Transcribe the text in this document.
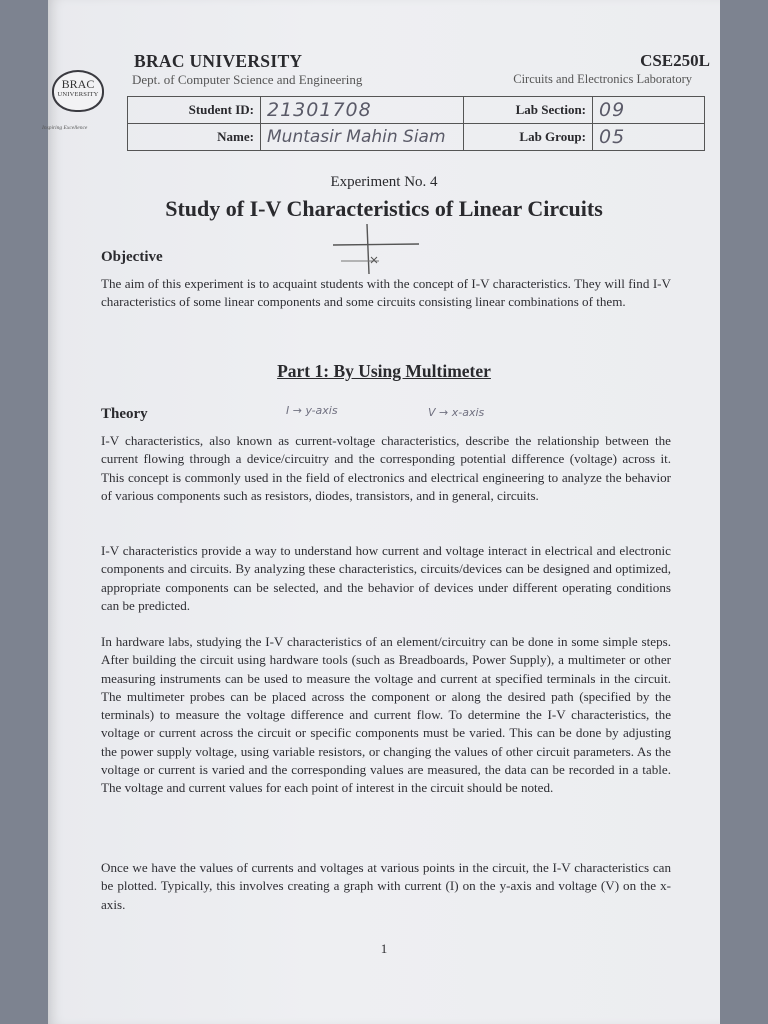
BRAC
UNIVERSITY
Inspiring Excellence
BRAC UNIVERSITY
Dept. of Computer Science and Engineering
CSE250L
Circuits and Electronics Laboratory
Student ID:	21301708	Lab Section:	09
Name:	Muntasir Mahin Siam	Lab Group:	05
Experiment No. 4
Study of I-V Characteristics of Linear Circuits
Objective
The aim of this experiment is to acquaint students with the concept of I-V characteristics. They will find I-V characteristics of some linear components and some circuits consisting linear combinations of them.
Part 1: By Using Multimeter
Theory	I → y-axis	V → x-axis
I-V characteristics, also known as current-voltage characteristics, describe the relationship between the current flowing through a device/circuitry and the corresponding potential difference (voltage) across it. This concept is commonly used in the field of electronics and electrical engineering to analyze the behavior of various components such as resistors, diodes, transistors, and in general, circuits.
I-V characteristics provide a way to understand how current and voltage interact in electrical and electronic components and circuits. By analyzing these characteristics, circuits/devices can be designed and optimized, appropriate components can be selected, and the behavior of devices under different operating conditions can be predicted.
In hardware labs, studying the I-V characteristics of an element/circuitry can be done in some simple steps. After building the circuit using hardware tools (such as Breadboards, Power Supply), a multimeter or other measuring instruments can be used to measure the voltage and current at specified terminals in the circuit. The multimeter probes can be placed across the component or along the desired path (specified by the terminals) to measure the voltage difference and current flow. To determine the I-V characteristics, the voltage or current across the circuit or specific components must be varied. This can be done by adjusting the power supply voltage, using variable resistors, or changing the values of other circuit parameters. As the voltage or current is varied and the corresponding values are measured, the data can be recorded in a table. The voltage and current values for each point of interest in the circuit should be noted.
Once we have the values of currents and voltages at various points in the circuit, the I-V characteristics can be plotted. Typically, this involves creating a graph with current (I) on the y-axis and voltage (V) on the x-axis.
1
